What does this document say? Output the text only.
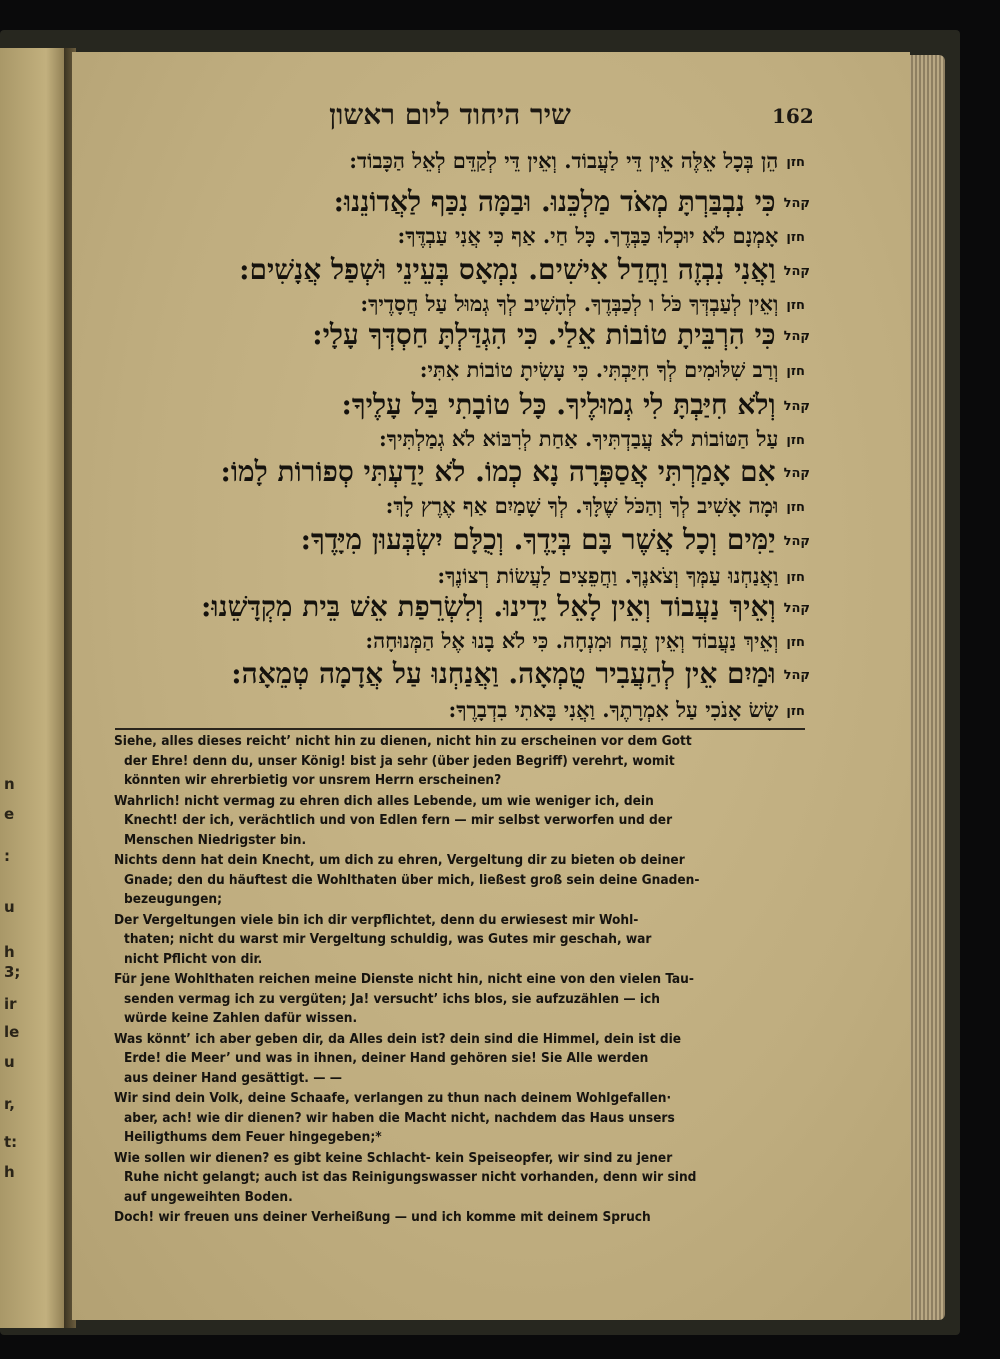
n
e
:
u
h
3;
ir
le
u
r,
t:
h
162
שיר היחוד ליום ראשון
חזןהֵן בְּכָל אֵלֶּה אֵין דֵּי לַעֲבוֹד. וְאֵין דֵּי לְקַדֵּם לְאֵל הַכָּבוֹד:
קהלכִּי נִבְבַּרְתָּ מְאֹד מַלְכֵּנוּ. וּבַמָּה נִכַּף לַאֲדוֹנֵנוּ:
חזןאָמְנָם לֹא יוּכְלוּ כַּבְּדֶךָ. כָּל חַי. אַף כִּי אֲנִי עַבְדֶּךָ:
קהלוַאֲנִי נִבְזֶה וַחֲדַל אִישִׁים. נִמְאָס בְּעֵינֵי וּשְׁפַל אֲנָשִׁים:
חזןוְאֵין לְעַבְדְּךָ כֹּל ו לְכַבְּדֶךָ. לְהָשִׁיב לְךָ גְמוּל עַל חֲסָדֶיךָ:
קהלכִּי הִרְבֵּיתָ טוֹבוֹת אֵלַי. כִּי הִגְדַּלְתָּ חַסְדְּךָ עָלָי:
חזןוְרַב שִׁלּוּמִים לְךָ חִיַּבְתִּי. כִּי עָשִׂיתָ טוֹבוֹת אִתִּי:
קהלוְלֹא חִיַּבְתָּ לִי גְמוּלֶיךָ. כָּל טוֹבָתִי בַּל עָלֶיךָ:
חזןעַל הַטּוֹבוֹת לֹא עֲבַדְתִּיךָ. אַחַת לְרִבּוֹא לֹא גְמַלְתִּיךָ:
קהלאִם אָמַרְתִּי אֲסַפְּרָה נָא כְמוֹ. לֹא יָדַעְתִּי סְפוֹרוֹת לָמוֹ:
חזןוּמָה אָשִׁיב לְךָ וְהַכֹּל שֶׁלָּךְ. לְךָ שָׁמַיִם אַף אֶרֶץ לָךְ:
קהליַמִּים וְכָל אֲשֶׁר בָּם בְּיָדֶךָ. וְכֻלָּם יִשְׂבְּעוּן מִיָּדֶךָ:
חזןוַאֲנַחְנוּ עַמְּךָ וְצֹאנֶךָ. וַחֲפֵצִים לַעֲשׂוֹת רְצוֹנֶךָ:
קהלוְאֵיךְ נַעֲבוֹד וְאֵין לָאֵל יָדֵינוּ. וְלִשְׂרֵפַת אֵשׁ בֵּית מִקְדָּשֵׁנוּ:
חזןוְאֵיךְ נַעֲבוֹד וְאֵין זֶבַח וּמִנְחָה. כִּי לֹא בָנוּ אֶל הַמְּנוּחָה:
קהלוּמַיִם אֵין לְהַעֲבִיר טֻמְאָה. וַאֲנַחְנוּ עַל אֲדָמָה טְמֵאָה:
חזןשָׂשׂ אָנֹכִי עַל אִמְרָתֶךָ. וַאֲנִי בָּאתִי בִדְבָרֶךָ:

Siehe, alles dieses reicht’ nicht hin zu dienen, nicht hin zu erscheinen vor dem Gott
der Ehre! denn du, unser König! bist ja sehr (über jeden Begriff) verehrt, womit
könnten wir ehrerbietig vor unsrem Herrn erscheinen?

Wahrlich! nicht vermag zu ehren dich alles Lebende, um wie weniger ich, dein
Knecht! der ich, verächtlich und von Edlen fern — mir selbst verworfen und der
Menschen Niedrigster bin.

Nichts denn hat dein Knecht, um dich zu ehren, Vergeltung dir zu bieten ob deiner
Gnade; den du häuftest die Wohlthaten über mich, ließest groß sein deine Gnaden-
bezeugungen;

Der Vergeltungen viele bin ich dir verpflichtet, denn du erwiesest mir Wohl-
thaten; nicht du warst mir Vergeltung schuldig, was Gutes mir geschah, war
nicht Pflicht von dir.

Für jene Wohlthaten reichen meine Dienste nicht hin, nicht eine von den vielen Tau-
senden vermag ich zu vergüten; Ja! versucht’ ichs blos, sie aufzuzählen — ich
würde keine Zahlen dafür wissen.

Was könnt’ ich aber geben dir, da Alles dein ist? dein sind die Himmel, dein ist die
Erde! die Meer’ und was in ihnen, deiner Hand gehören sie! Sie Alle werden
aus deiner Hand gesättigt. — —

Wir sind dein Volk, deine Schaafe, verlangen zu thun nach deinem Wohlgefallen·
aber, ach! wie dir dienen? wir haben die Macht nicht, nachdem das Haus unsers
Heiligthums dem Feuer hingegeben;*

Wie sollen wir dienen? es gibt keine Schlacht- kein Speiseopfer, wir sind zu jener
Ruhe nicht gelangt; auch ist das Reinigungswasser nicht vorhanden, denn wir sind
auf ungeweihten Boden.

Doch! wir freuen uns deiner Verheißung — und ich komme mit deinem Spruch
